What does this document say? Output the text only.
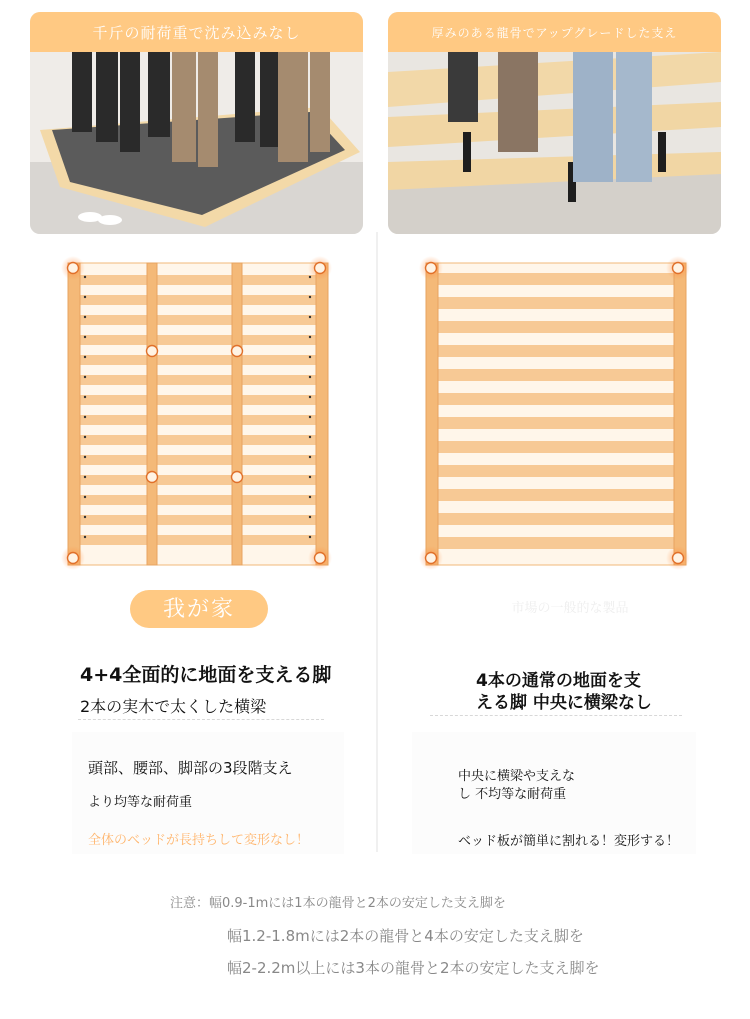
千斤の耐荷重で沈み込みなし	厚みのある龍骨でアップグレードした支え
我が家	市場の一般的な製品
4+4全面的に地面を支える脚
2本の実木で太くした横梁
頭部、腰部、脚部の3段階支え
より均等な耐荷重
全体のベッドが長持ちして変形なし！
4本の通常の地面を支
える脚 中央に横梁なし
中央に横梁や支えな
し 不均等な耐荷重
ベッド板が簡単に割れる！変形する！
注意：幅0.9-1mには1本の龍骨と2本の安定した支え脚を
幅1.2-1.8mには2本の龍骨と4本の安定した支え脚を
幅2-2.2m以上には3本の龍骨と2本の安定した支え脚を
